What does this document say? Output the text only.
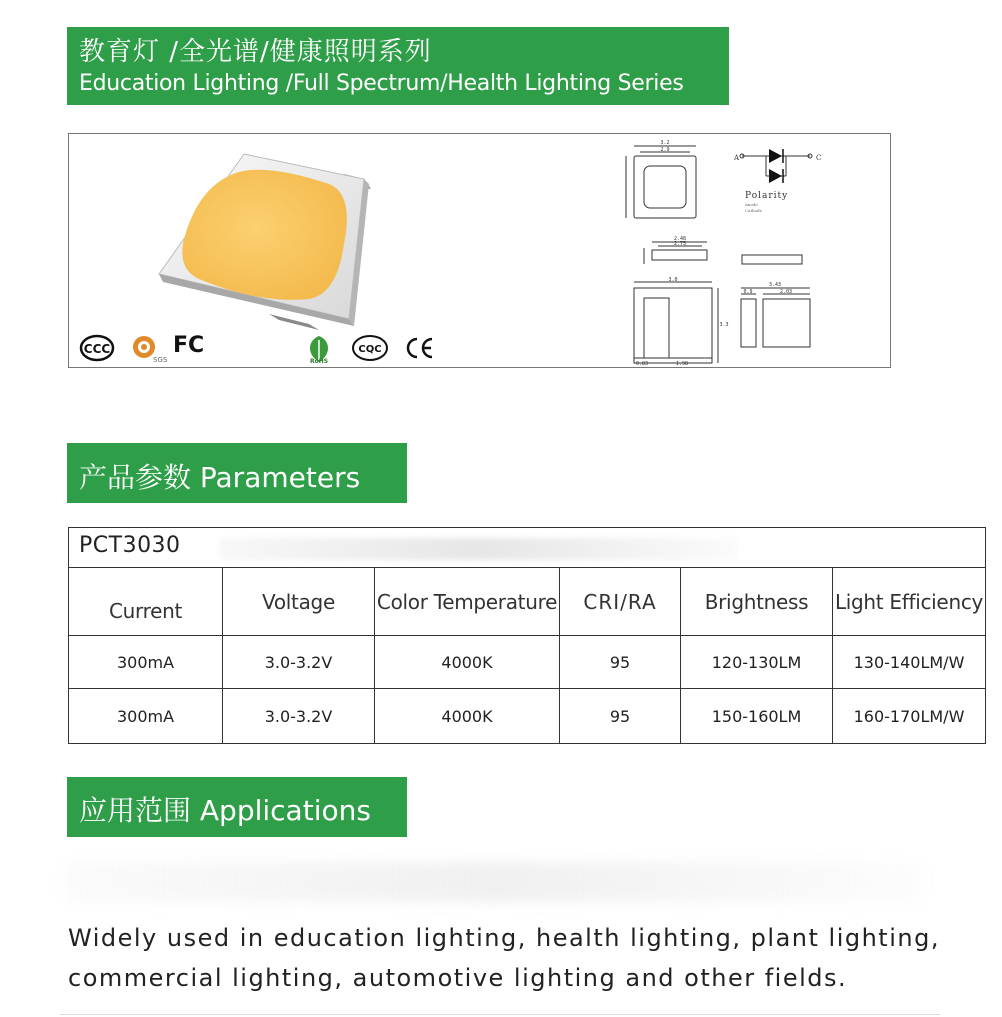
教育灯 /全光谱/健康照明系列
Education Lighting /Full Spectrum/Health Lighting Series
CCC
SGS
FC
RoHS
CQC
3.2
2.9
2.48
2.75
3.0
3.3
0.83	1.98
3.43
0.9	2.03
A	C
Polarity
Anode
Cathode
产品参数 Parameters
PCT3030
Current	Voltage	Color Temperature	CRI/RA	Brightness	Light Efficiency
300mA	3.0-3.2V	4000K	95	120-130LM	130-140LM/W
300mA	3.0-3.2V	4000K	95	150-160LM	160-170LM/W
应用范围 Applications
Widely used in education lighting, health lighting, plant lighting,
commercial lighting, automotive lighting and other fields.
